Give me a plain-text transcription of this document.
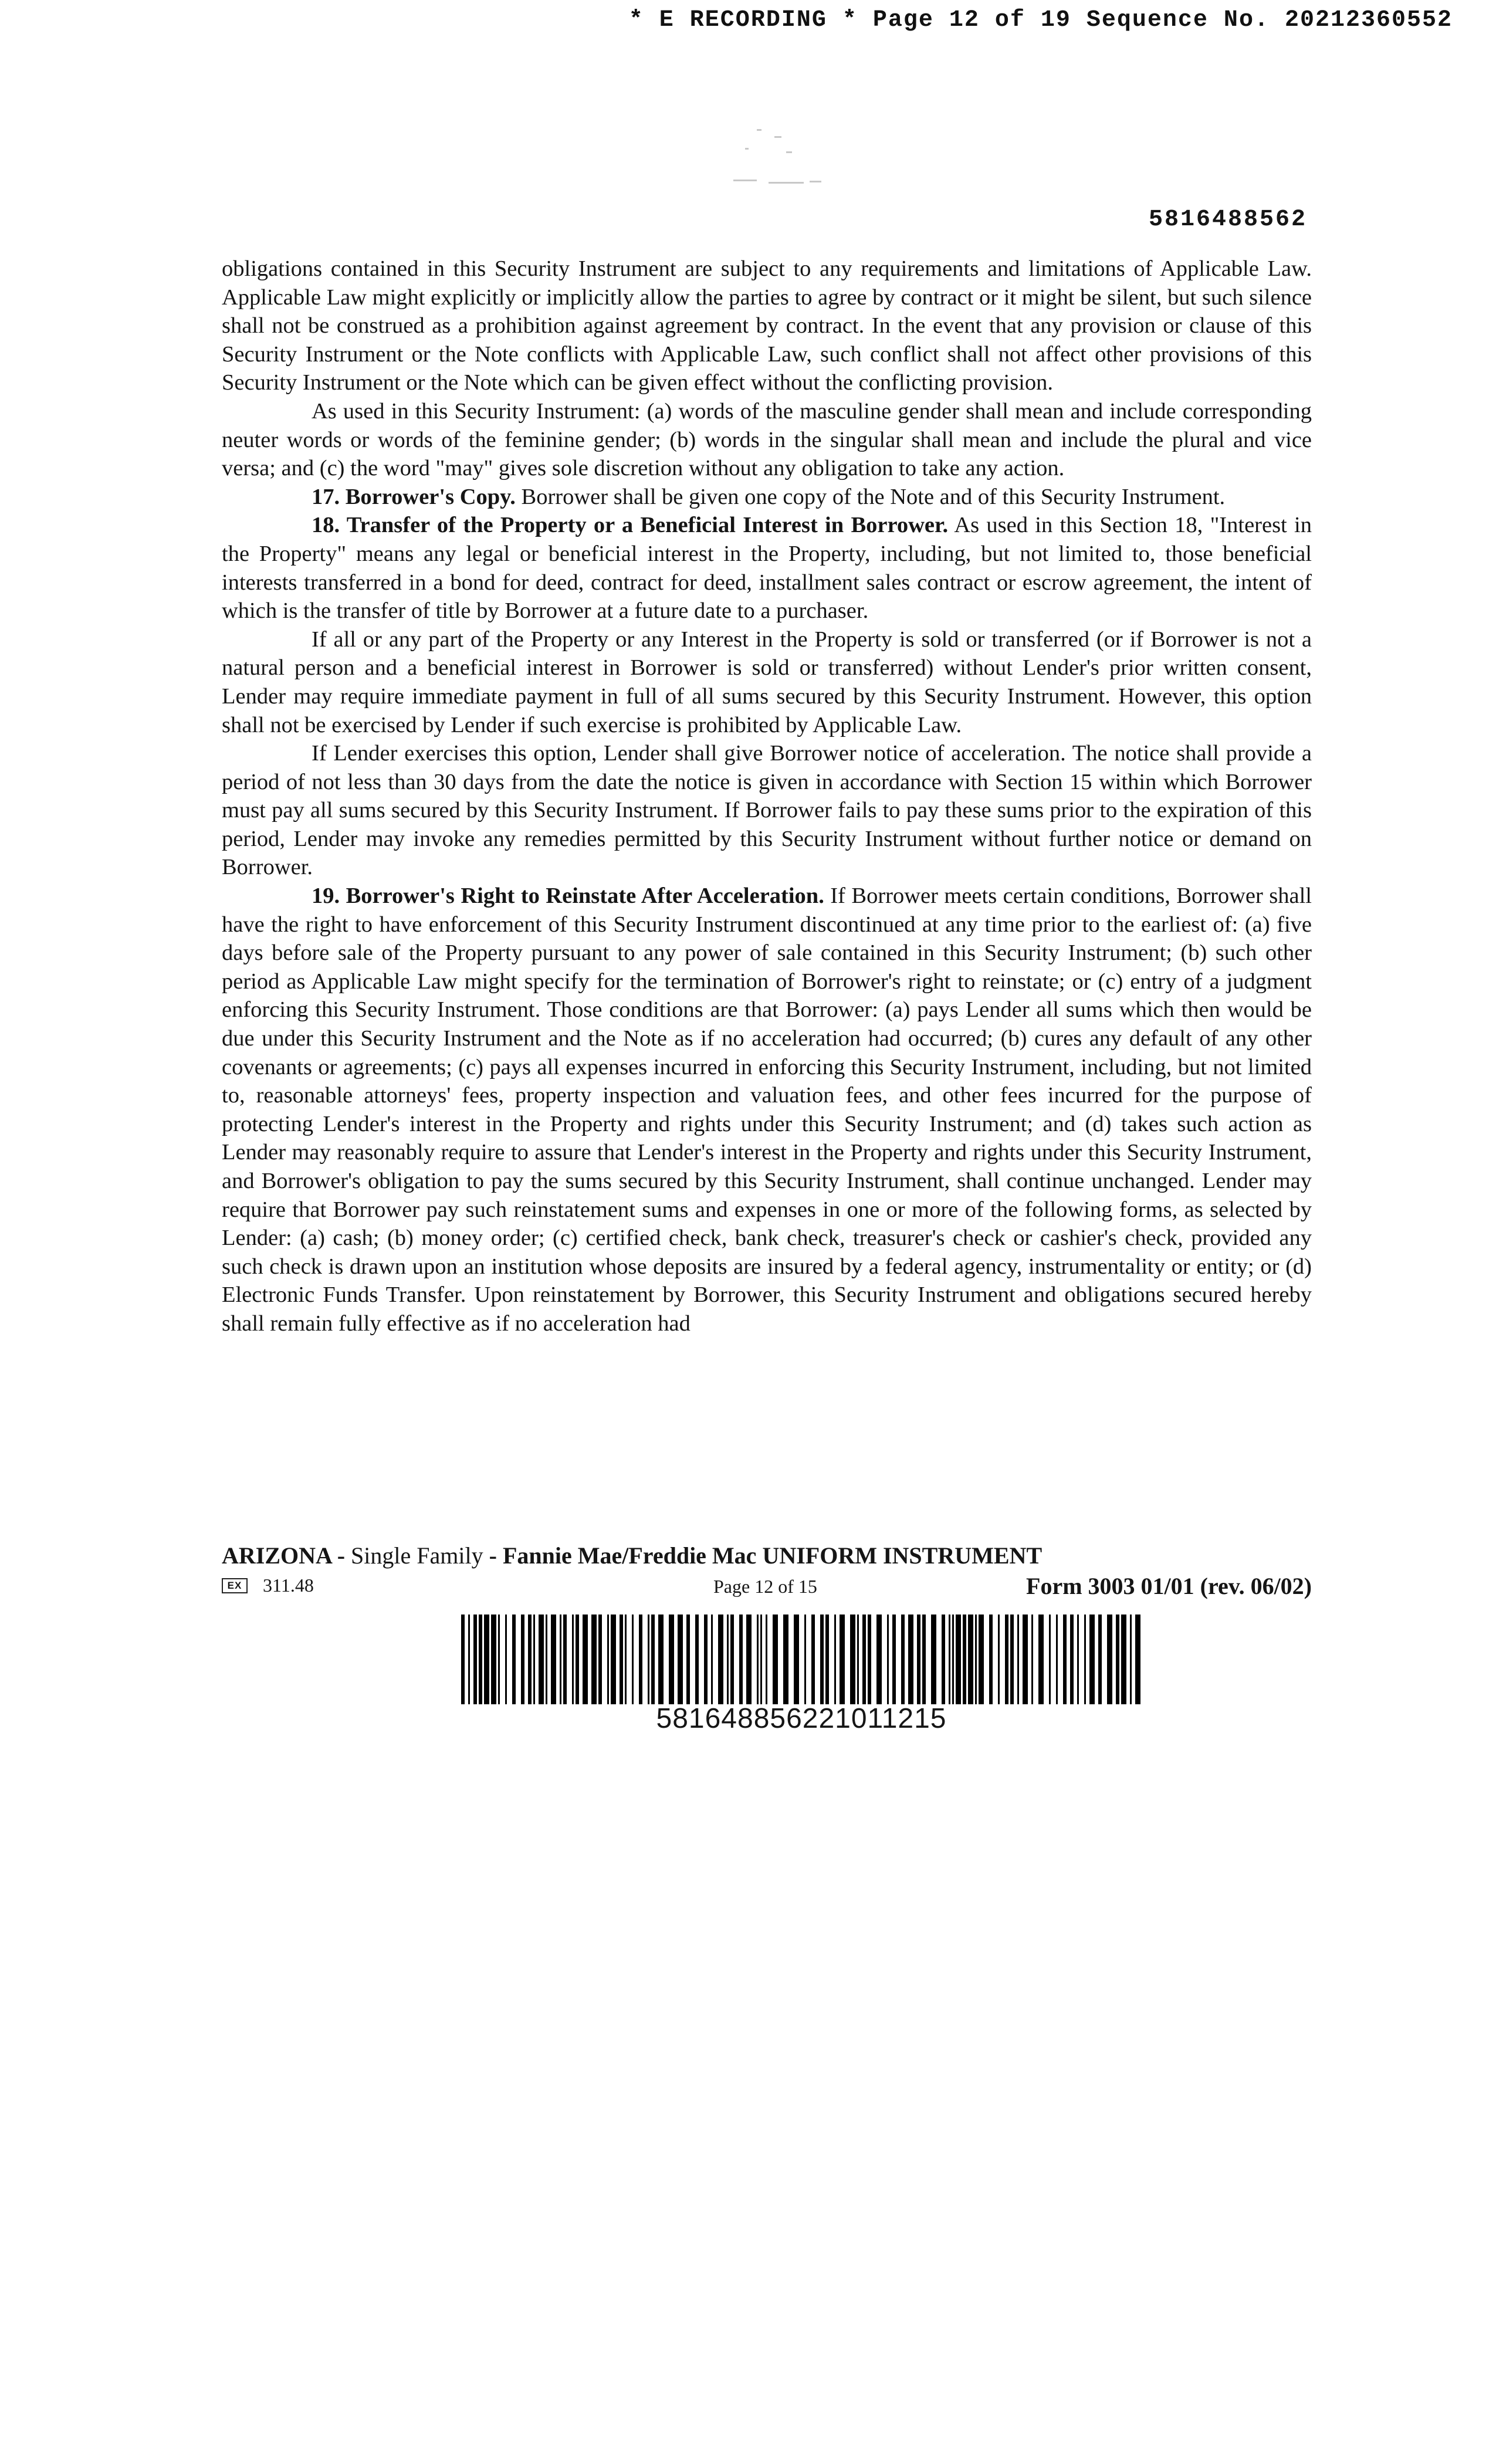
* E RECORDING * Page 12 of 19 Sequence No. 20212360552
5816488562

obligations contained in this Security Instrument are subject to any requirements and limitations of Applicable Law. Applicable Law might explicitly or implicitly allow the parties to agree by contract or it might be silent, but such silence shall not be construed as a prohibition against agreement by contract. In the event that any provision or clause of this Security Instrument or the Note conflicts with Applicable Law, such conflict shall not affect other provisions of this Security Instrument or the Note which can be given effect without the conflicting provision.

As used in this Security Instrument: (a) words of the masculine gender shall mean and include corresponding neuter words or words of the feminine gender; (b) words in the singular shall mean and include the plural and vice versa; and (c) the word "may" gives sole discretion without any obligation to take any action.

17. Borrower's Copy. Borrower shall be given one copy of the Note and of this Security Instrument.

18. Transfer of the Property or a Beneficial Interest in Borrower. As used in this Section 18, "Interest in the Property" means any legal or beneficial interest in the Property, including, but not limited to, those beneficial interests transferred in a bond for deed, contract for deed, installment sales contract or escrow agreement, the intent of which is the transfer of title by Borrower at a future date to a purchaser.

If all or any part of the Property or any Interest in the Property is sold or transferred (or if Borrower is not a natural person and a beneficial interest in Borrower is sold or transferred) without Lender's prior written consent, Lender may require immediate payment in full of all sums secured by this Security Instrument. However, this option shall not be exercised by Lender if such exercise is prohibited by Applicable Law.

If Lender exercises this option, Lender shall give Borrower notice of acceleration. The notice shall provide a period of not less than 30 days from the date the notice is given in accordance with Section 15 within which Borrower must pay all sums secured by this Security Instrument. If Borrower fails to pay these sums prior to the expiration of this period, Lender may invoke any remedies permitted by this Security Instrument without further notice or demand on Borrower.

19. Borrower's Right to Reinstate After Acceleration. If Borrower meets certain conditions, Borrower shall have the right to have enforcement of this Security Instrument discontinued at any time prior to the earliest of: (a) five days before sale of the Property pursuant to any power of sale contained in this Security Instrument; (b) such other period as Applicable Law might specify for the termination of Borrower's right to reinstate; or (c) entry of a judgment enforcing this Security Instrument. Those conditions are that Borrower: (a) pays Lender all sums which then would be due under this Security Instrument and the Note as if no acceleration had occurred; (b) cures any default of any other covenants or agreements; (c) pays all expenses incurred in enforcing this Security Instrument, including, but not limited to, reasonable attorneys' fees, property inspection and valuation fees, and other fees incurred for the purpose of protecting Lender's interest in the Property and rights under this Security Instrument; and (d) takes such action as Lender may reasonably require to assure that Lender's interest in the Property and rights under this Security Instrument, and Borrower's obligation to pay the sums secured by this Security Instrument, shall continue unchanged. Lender may require that Borrower pay such reinstatement sums and expenses in one or more of the following forms, as selected by Lender: (a) cash; (b) money order; (c) certified check, bank check, treasurer's check or cashier's check, provided any such check is drawn upon an institution whose deposits are insured by a federal agency, instrumentality or entity; or (d) Electronic Funds Transfer. Upon reinstatement by Borrower, this Security Instrument and obligations secured hereby shall remain fully effective as if no acceleration had

ARIZONA - Single Family - Fannie Mae/Freddie Mac UNIFORM INSTRUMENT
EX	311.48	Page 12 of 15	Form 3003 01/01 (rev. 06/02)
581648856221011215
